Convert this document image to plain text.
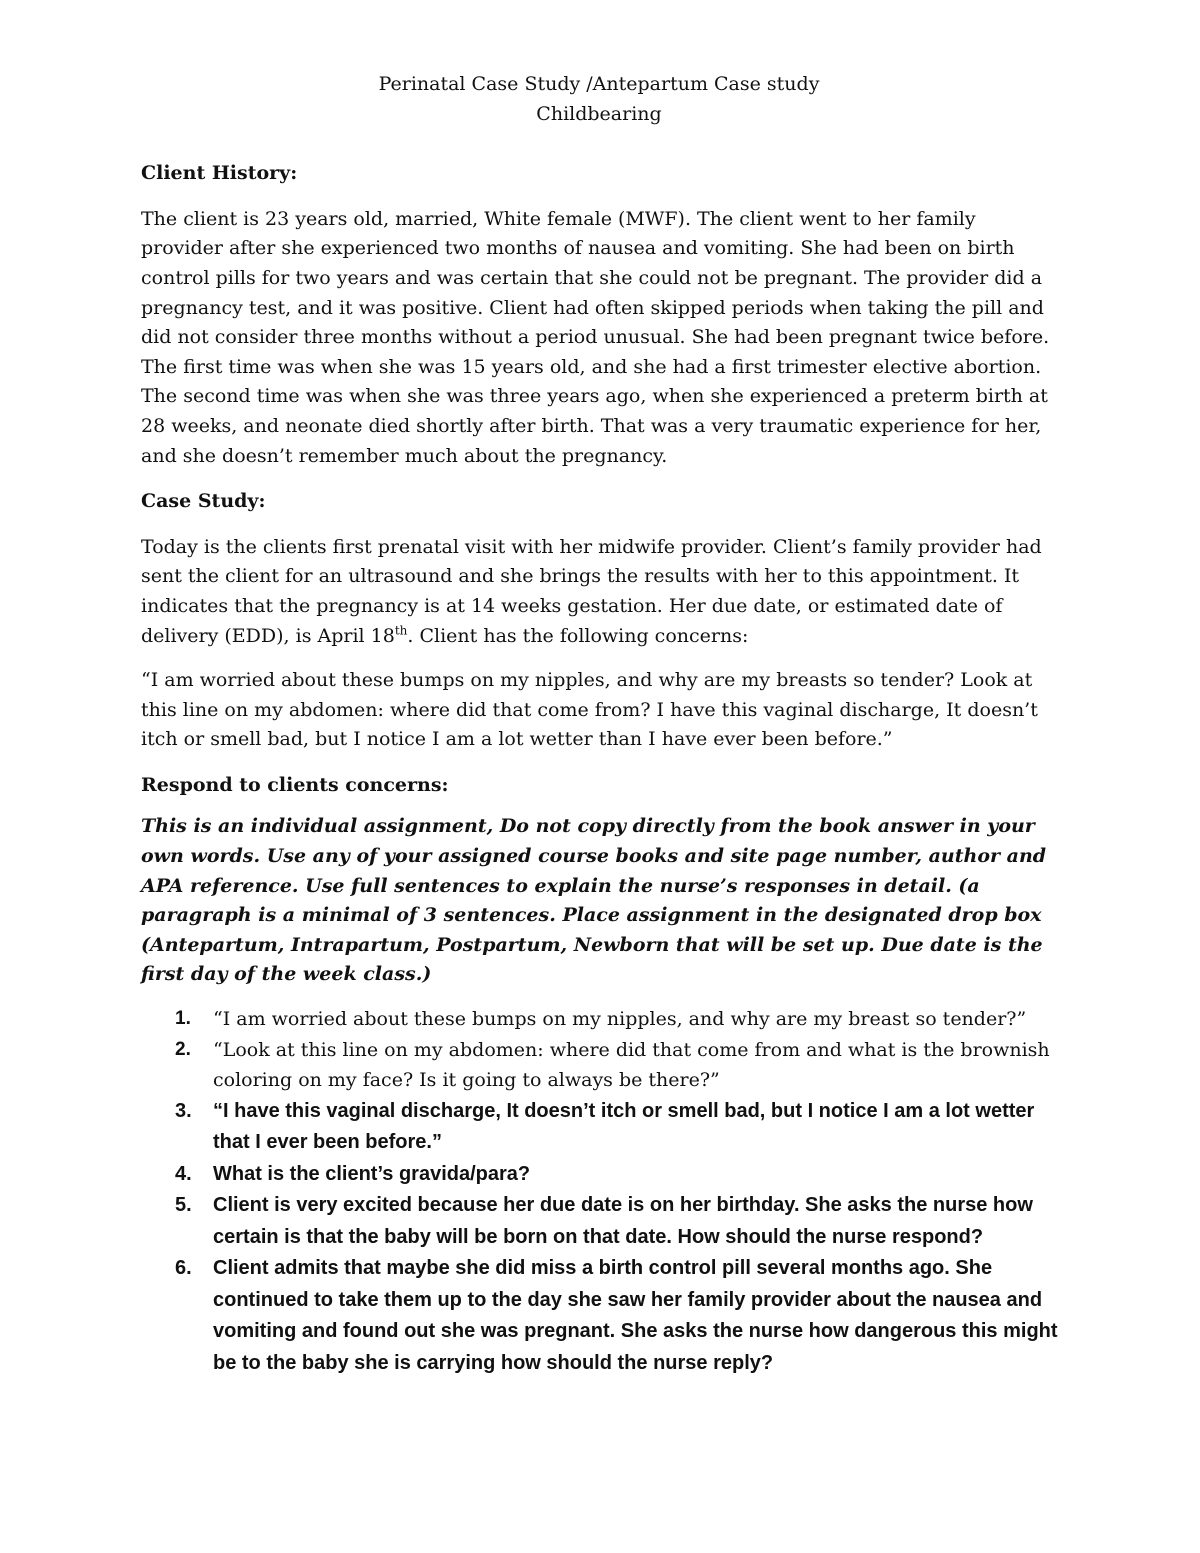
Perinatal Case Study /Antepartum Case study
Childbearing
Client History:

The client is 23 years old, married, White female (MWF). The client went to her family provider after she experienced two months of nausea and vomiting. She had been on birth control pills for two years and was certain that she could not be pregnant. The provider did a pregnancy test, and it was positive. Client had often skipped periods when taking the pill and did not consider three months without a period unusual. She had been pregnant twice before. The first time was when she was 15 years old, and she had a first trimester elective abortion. The second time was when she was three years ago, when she experienced a preterm birth at 28 weeks, and neonate died shortly after birth. That was a very traumatic experience for her, and she doesn’t remember much about the pregnancy.

Case Study:

Today is the clients first prenatal visit with her midwife provider. Client’s family provider had sent the client for an ultrasound and she brings the results with her to this appointment. It indicates that the pregnancy is at 14 weeks gestation. Her due date, or estimated date of delivery (EDD), is April 18th. Client has the following concerns:

“I am worried about these bumps on my nipples, and why are my breasts so tender? Look at this line on my abdomen: where did that come from? I have this vaginal discharge, It doesn’t itch or smell bad, but I notice I am a lot wetter than I have ever been before.”

Respond to clients concerns:

This is an individual assignment, Do not copy directly from the book answer in your own words. Use any of your assigned course books and site page number, author and APA reference. Use full sentences to explain the nurse’s responses in detail. (a paragraph is a minimal of 3 sentences. Place assignment in the designated drop box (Antepartum, Intrapartum, Postpartum, Newborn that will be set up. Due date is the first day of the week class.)

1. “I am worried about these bumps on my nipples, and why are my breast so tender?”
2. “Look at this line on my abdomen: where did that come from and what is the brownish coloring on my face? Is it going to always be there?”
3. “I have this vaginal discharge, It doesn’t itch or smell bad, but I notice I am a lot wetter that I ever been before.”
4. What is the client’s gravida/para?
5. Client is very excited because her due date is on her birthday. She asks the nurse how certain is that the baby will be born on that date. How should the nurse respond?
6. Client admits that maybe she did miss a birth control pill several months ago. She continued to take them up to the day she saw her family provider about the nausea and vomiting and found out she was pregnant. She asks the nurse how dangerous this might be to the baby she is carrying how should the nurse reply?
